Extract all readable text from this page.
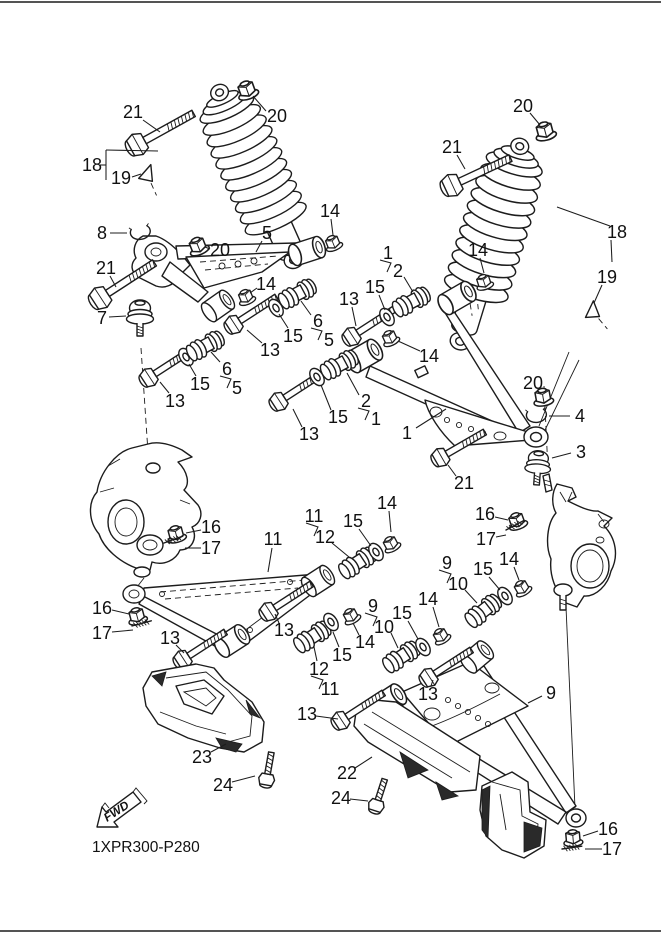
FWD
1XPR300-P280
21	20
18
19
8
21
7
20
5
14
13
15
6
5
15
6
5
13
14
1
2
15
13
14
14
2
1
15
13	1
20
4
3
21
16
17
9
10
15 14
11
12
15
14
11
16
17
16
17	13	13
12
11
15
14
9
10
15
14
13
13
9
22
24
23
24
16
17
20
21
18
19
